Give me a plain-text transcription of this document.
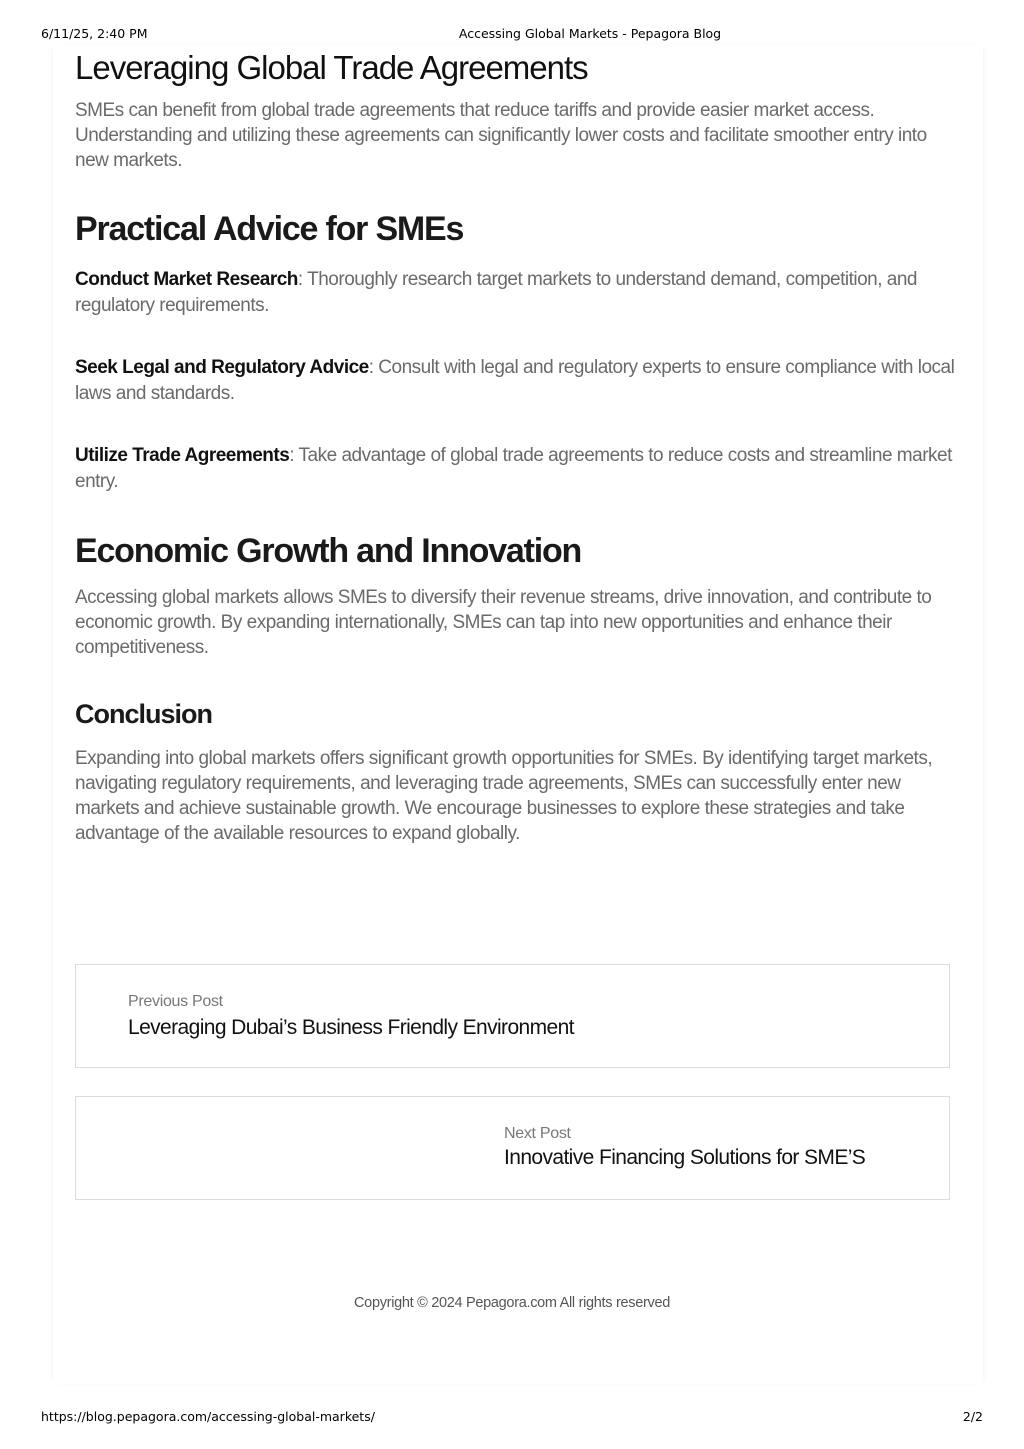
6/11/25, 2:40 PM	Accessing Global Markets - Pepagora Blog
Leveraging Global Trade Agreements

SMEs can benefit from global trade agreements that reduce tariffs and provide easier market access. Understanding and utilizing these agreements can significantly lower costs and facilitate smoother entry into new markets.

Practical Advice for SMEs
Conduct Market Research: Thoroughly research target markets to understand demand, competition, and regulatory requirements.
Seek Legal and Regulatory Advice: Consult with legal and regulatory experts to ensure compliance with local laws and standards.
Utilize Trade Agreements: Take advantage of global trade agreements to reduce costs and streamline market entry.
Economic Growth and Innovation

Accessing global markets allows SMEs to diversify their revenue streams, drive innovation, and contribute to economic growth. By expanding internationally, SMEs can tap into new opportunities and enhance their competitiveness.

Conclusion

Expanding into global markets offers significant growth opportunities for SMEs. By identifying target markets, navigating regulatory requirements, and leveraging trade agreements, SMEs can successfully enter new markets and achieve sustainable growth. We encourage businesses to explore these strategies and take advantage of the available resources to expand globally.

Previous Post
Leveraging Dubai’s Business Friendly Environment
Next Post
Innovative Financing Solutions for SME’S
Copyright © 2024 Pepagora.com All rights reserved
https://blog.pepagora.com/accessing-global-markets/	2/2
